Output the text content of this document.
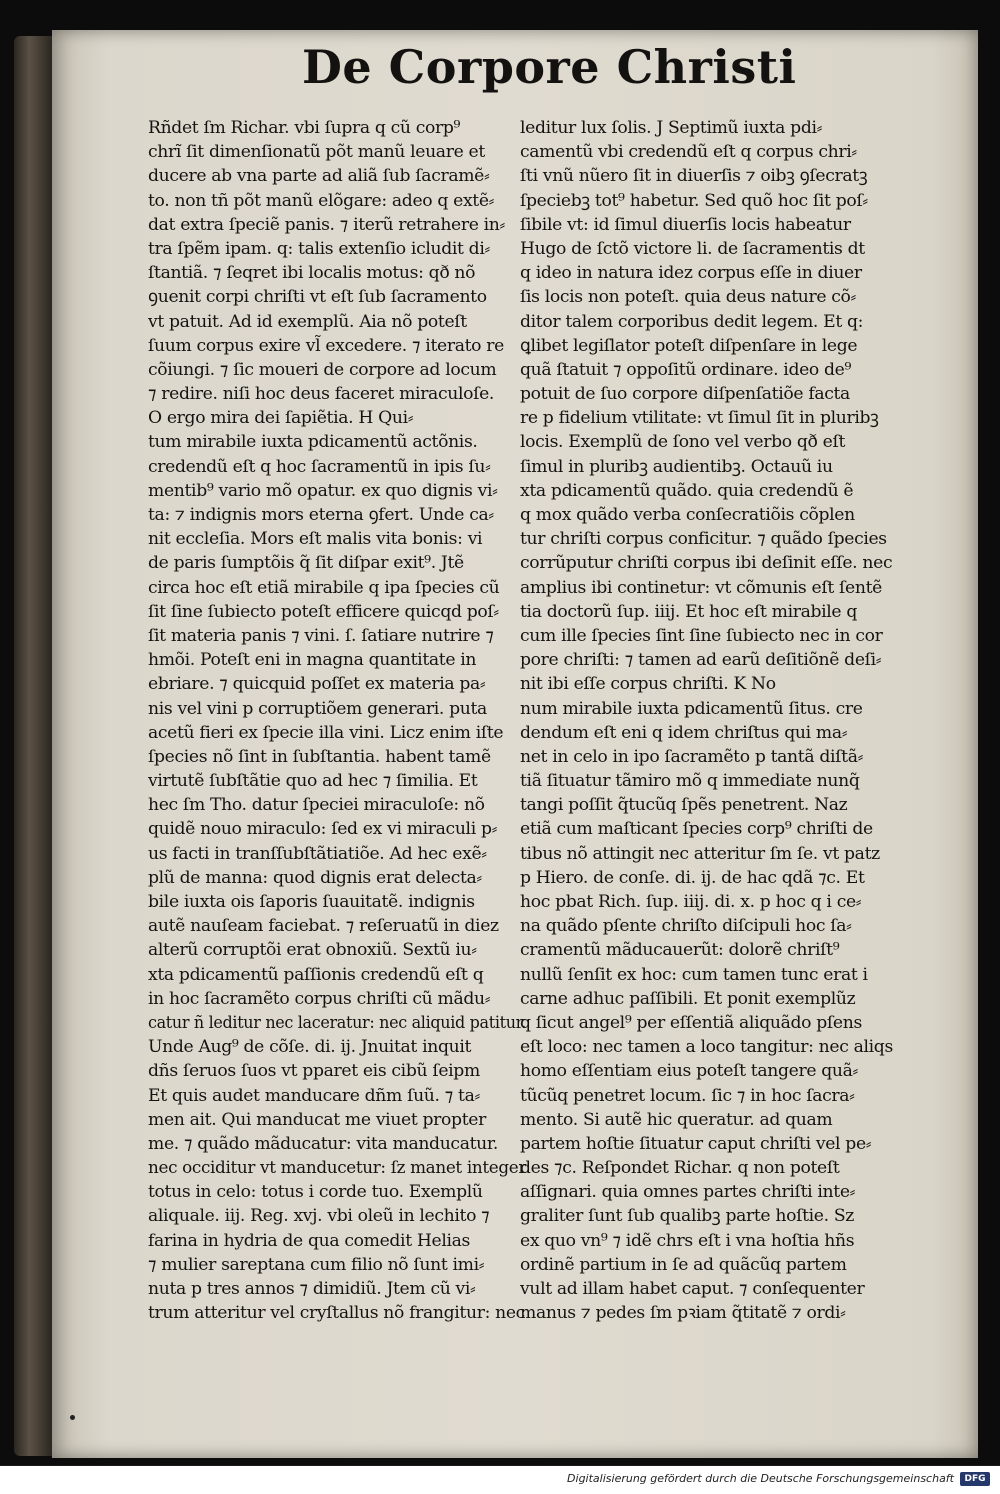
De Corpore Christi
Rñdet ſm Richar. vbi ſupra q cũ corp⁹
chrĩ ſit dimenſionatũ põt manũ leuare et
ducere ab vna parte ad aliã ſub ſacramẽ⸗
to. non tñ põt manũ elõgare: adeo q extẽ⸗
dat extra ſpeciẽ panis. ⁊ iterũ retrahere in⸗
tra ſpẽm ipam. q: talis extenſio icludit di⸗
ſtantiã. ⁊ ſeqret ibi localis motus: qð nõ
ꝯuenit corpi chriſti vt eſt ſub ſacramento
vt patuit. Ad id exemplũ. Aia nõ poteſt
ſuum corpus exire vl̃ excedere. ⁊ iterato re
cõiungi. ⁊ ſic moueri de corpore ad locum
⁊ redire. niſi hoc deus faceret miraculoſe.
O ergo mira dei ſapiẽtia. H Qui⸗
tum mirabile iuxta pdicamentũ actõnis.
credendũ eſt q hoc ſacramentũ in ipis ſu⸗
mentib⁹ vario mõ opatur. ex quo dignis vi⸗
ta: ⁊ indignis mors eterna ꝯfert. Unde ca⸗
nit eccleſia. Mors eſt malis vita bonis: vi
de paris ſumptõis q̃ ſit diſpar exit⁹. Jtẽ
circa hoc eſt etiã mirabile q ipa ſpecies cũ
ſit ſine ſubiecto poteſt efficere quicqd poſ⸗
ſit materia panis ⁊ vini. ſ. ſatiare nutrire ⁊
hmõi. Poteſt eni in magna quantitate in
ebriare. ⁊ quicquid poſſet ex materia pa⸗
nis vel vini p corruptiõem generari. puta
acetũ fieri ex ſpecie illa vini. Licz enim iſte
ſpecies nõ ſint in ſubſtantia. habent tamẽ
virtutẽ ſubſtãtie quo ad hec ⁊ ſimilia. Et
hec ſm Tho. datur ſpeciei miraculoſe: nõ
quidẽ nouo miraculo: ſed ex vi miraculi p⸗
us facti in tranſſubſtãtiatiõe. Ad hec exẽ⸗
plũ de manna: quod dignis erat delecta⸗
bile iuxta ois ſaporis ſuauitatẽ. indignis
autẽ nauſeam faciebat. ⁊ reſeruatũ in diez
alterũ corruptõi erat obnoxiũ. Sextũ iu⸗
xta pdicamentũ paſſionis credendũ eſt q
in hoc ſacramẽto corpus chriſti cũ mãdu⸗
catur ñ leditur nec laceratur: nec aliquid patitur.
Unde Aug⁹ de cõſe. di. ij. Jnuitat inquit
dñs ſeruos ſuos vt pparet eis cibũ ſeipm
Et quis audet manducare dñm ſuũ. ⁊ ta⸗
men ait. Qui manducat me viuet propter
me. ⁊ quãdo mãducatur: vita manducatur.
nec occiditur vt manducetur: ſz manet integer
totus in celo: totus i corde tuo. Exemplũ
aliquale. iij. Reg. xvj. vbi oleũ in lechito ⁊
farina in hydria de qua comedit Helias
⁊ mulier sareptana cum filio nõ ſunt imi⸗
nuta p tres annos ⁊ dimidiũ. Jtem cũ vi⸗
trum atteritur vel cryſtallus nõ frangitur: nec
leditur lux ſolis. J Septimũ iuxta pdi⸗
camentũ vbi credendũ eſt q corpus chri⸗
ſti vnũ nũero ſit in diuerſis ⁊ oibꝫ ꝯſecratꝫ
ſpeciebꝫ tot⁹ habetur. Sed quõ hoc ſit poſ⸗
ſibile vt: id ſimul diuerſis locis habeatur
Hugo de ſctõ victore li. de ſacramentis dt
q ideo in natura idez corpus eſſe in diuer
ſis locis non poteſt. quia deus nature cõ⸗
ditor talem corporibus dedit legem. Et q:
ꝗlibet legiſlator poteſt diſpenſare in lege
quã ſtatuit ⁊ oppoſitũ ordinare. ideo de⁹
potuit de ſuo corpore diſpenſatiõe facta
re p fidelium vtilitate: vt ſimul ſit in pluribꝫ
locis. Exemplũ de ſono vel verbo qð eſt
ſimul in pluribꝫ audientibꝫ. Octauũ iu
xta pdicamentũ quãdo. quia credendũ ẽ
q mox quãdo verba conſecratiõis cõplen
tur chriſti corpus conficitur. ⁊ quãdo ſpecies
corrũputur chriſti corpus ibi deſinit eſſe. nec
amplius ibi continetur: vt cõmunis eſt ſentẽ
tia doctorũ ſup. iiij. Et hoc eſt mirabile q
cum ille ſpecies ſint ſine ſubiecto nec in cor
pore chriſti: ⁊ tamen ad earũ deſitiõnẽ deſi⸗
nit ibi eſſe corpus chriſti. K No
num mirabile iuxta pdicamentũ ſitus. cre
dendum eſt eni q idem chriſtus qui ma⸗
net in celo in ipo ſacramẽto p tantã diſtã⸗
tiã ſituatur tãmiro mõ q immediate nunq̃
tangi poſſit q̃tucũq ſpẽs penetrent. Naz
etiã cum maſticant ſpecies corp⁹ chriſti de
tibus nõ attingit nec atteritur ſm ſe. vt patz
p Hiero. de conſe. di. ij. de hac qdã ⁊c. Et
hoc pbat Rich. ſup. iiij. di. x. p hoc q i ce⸗
na quãdo pſente chriſto diſcipuli hoc ſa⸗
cramentũ mãducauerũt: dolorẽ chriſt⁹
nullũ ſenſit ex hoc: cum tamen tunc erat i
carne adhuc paſſibili. Et ponit exemplũz
q ſicut angel⁹ per eſſentiã aliquãdo pſens
eſt loco: nec tamen a loco tangitur: nec aliqs
homo eſſentiam eius poteſt tangere quã⸗
tũcũq penetret locum. ſic ⁊ in hoc ſacra⸗
mento. Si autẽ hic queratur. ad quam
partem hoſtie ſituatur caput chriſti vel pe⸗
des ⁊c. Reſpondet Richar. q non poteſt
aſſignari. quia omnes partes chriſti inte⸗
graliter ſunt ſub qualibꝫ parte hoſtie. Sz
ex quo vn⁹ ⁊ idẽ chrs eſt i vna hoſtia hñs
ordinẽ partium in ſe ad quãcũq partem
vult ad illam habet caput. ⁊ conſequenter
manus ⁊ pedes ſm pꝛiam q̃titatẽ ⁊ ordi⸗
Digitalisierung gefördert durch die Deutsche Forschungsgemeinschaft	DFG
